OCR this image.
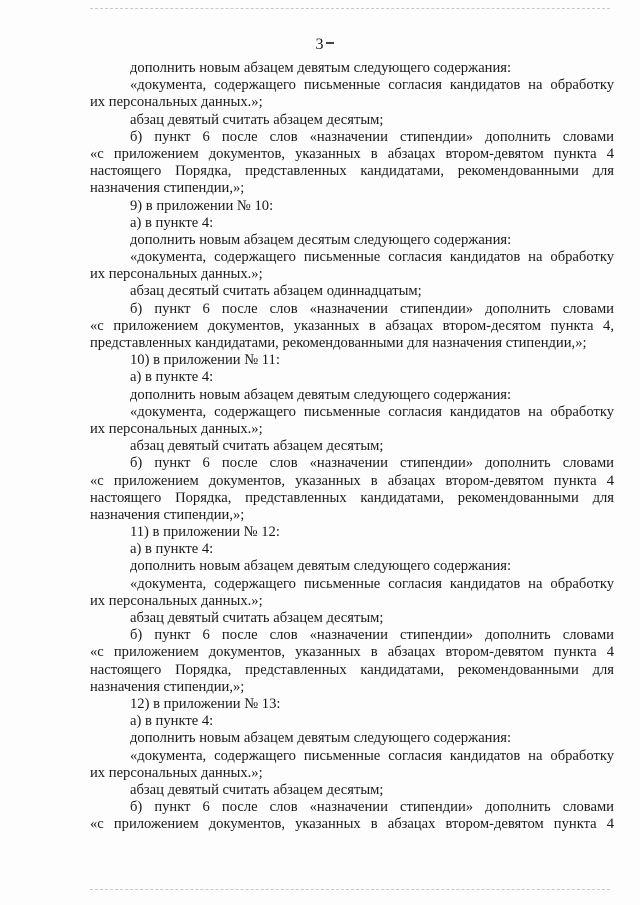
3
дополнить новым абзацем девятым следующего содержания:
«документа, содержащего письменные согласия кандидатов на обработку
их персональных данных.»;
абзац девятый считать абзацем десятым;
б) пункт 6 после слов «назначении стипендии» дополнить словами
«с приложением документов, указанных в абзацах втором-девятом пункта 4
настоящего Порядка, представленных кандидатами, рекомендованными для
назначения стипендии,»;
9) в приложении № 10:
а) в пункте 4:
дополнить новым абзацем десятым следующего содержания:
«документа, содержащего письменные согласия кандидатов на обработку
их персональных данных.»;
абзац десятый считать абзацем одиннадцатым;
б) пункт 6 после слов «назначении стипендии» дополнить словами
«с приложением документов, указанных в абзацах втором-десятом пункта 4,
представленных кандидатами, рекомендованными для назначения стипендии,»;
10) в приложении № 11:
а) в пункте 4:
дополнить новым абзацем девятым следующего содержания:
«документа, содержащего письменные согласия кандидатов на обработку
их персональных данных.»;
абзац девятый считать абзацем десятым;
б) пункт 6 после слов «назначении стипендии» дополнить словами
«с приложением документов, указанных в абзацах втором-девятом пункта 4
настоящего Порядка, представленных кандидатами, рекомендованными для
назначения стипендии,»;
11) в приложении № 12:
а) в пункте 4:
дополнить новым абзацем девятым следующего содержания:
«документа, содержащего письменные согласия кандидатов на обработку
их персональных данных.»;
абзац девятый считать абзацем десятым;
б) пункт 6 после слов «назначении стипендии» дополнить словами
«с приложением документов, указанных в абзацах втором-девятом пункта 4
настоящего Порядка, представленных кандидатами, рекомендованными для
назначения стипендии,»;
12) в приложении № 13:
а) в пункте 4:
дополнить новым абзацем девятым следующего содержания:
«документа, содержащего письменные согласия кандидатов на обработку
их персональных данных.»;
абзац девятый считать абзацем десятым;
б) пункт 6 после слов «назначении стипендии» дополнить словами
«с приложением документов, указанных в абзацах втором-девятом пункта 4
